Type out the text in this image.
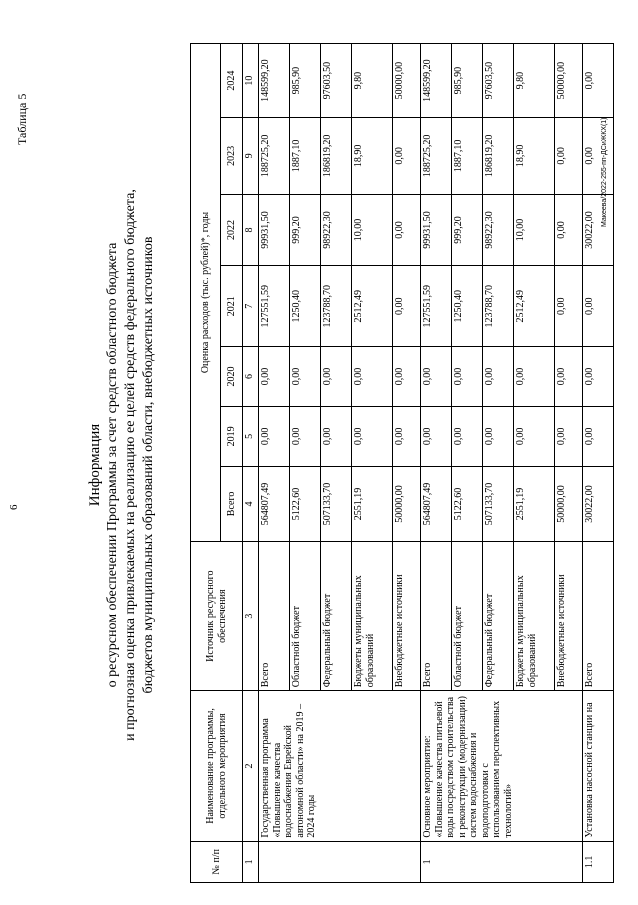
6
Таблица 5
Информация о ресурсном обеспечении Программы за счет средств областного бюджета и прогнозная оценка привлекаемых на реализацию ее целей средств федерального бюджета, бюджетов муниципальных образований области, внебюджетных источников
№ п/п	Наименование программы, отдельного мероприятия	Источник ресурсного обеспечения	Оценка расходов (тыс. рублей)*, годы						
			Всего	2019	2020	2021	2022	2023	2024
1	2	3	4	5	6	7	8	9	10
	Государственная программа «Повышение качества водоснабжения Еврейской автономной области» на 2019 – 2024 годы	Всего	564807,49	0,00	0,00	127551,59	99931,50	188725,20	148599,20
		Областной бюджет	5122,60	0,00	0,00	1250,40	999,20	1887,10	985,90
		Федеральный бюджет	507133,70	0,00	0,00	123788,70	98922,30	186819,20	97603,50
		Бюджеты муниципальных образований	2551,19	0,00	0,00	2512,49	10,00	18,90	9,80
		Внебюджетные источники	50000,00	0,00	0,00	0,00	0,00	0,00	50000,00
1	Основное мероприятие: «Повышение качества питьевой воды посредством строительства и реконструкции (модернизации) систем водоснабжения и водоподготовки с использованием перспективных технологий»	Всего	564807,49	0,00	0,00	127551,59	99931,50	188725,20	148599,20
		Областной бюджет	5122,60	0,00	0,00	1250,40	999,20	1887,10	985,90
		Федеральный бюджет	507133,70	0,00	0,00	123788,70	98922,30	186819,20	97603,50
		Бюджеты муниципальных образований	2551,19	0,00	0,00	2512,49	10,00	18,90	9,80
		Внебюджетные источники	50000,00	0,00	0,00	0,00	0,00	0,00	50000,00
1.1	Установка насосной станции на	Всего	30022,00	0,00	0,00	0,00	30022,00	0,00	0,00
Макеева/2022-255-пп-ДСиЖКХ(1)
